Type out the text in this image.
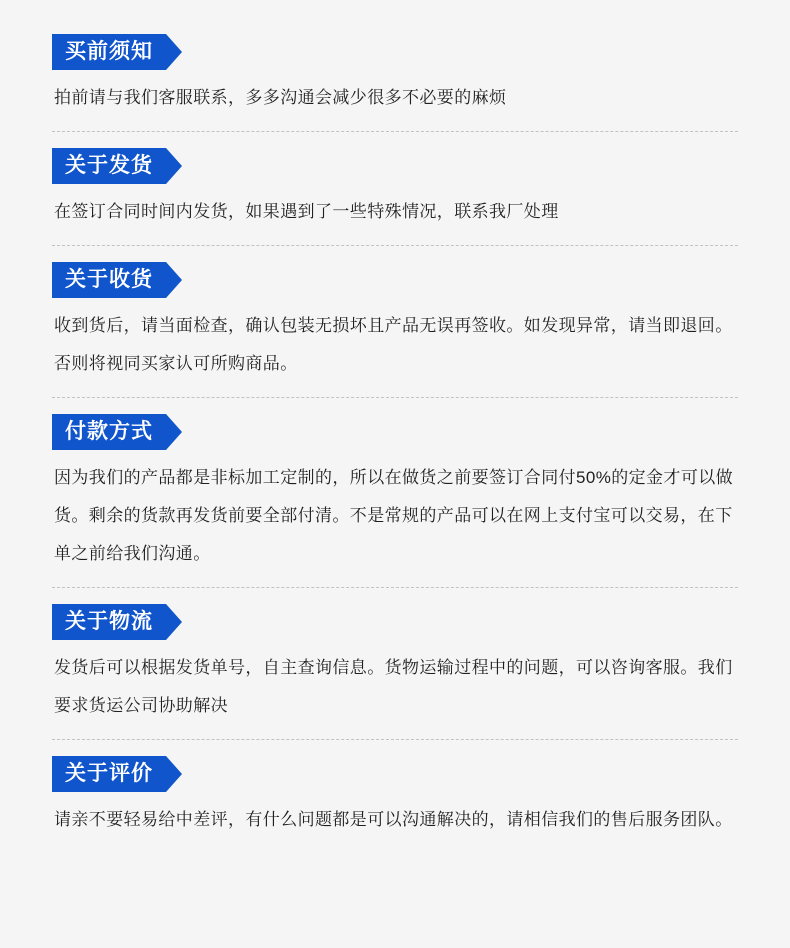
买前须知
拍前请与我们客服联系，多多沟通会减少很多不必要的麻烦
关于发货
在签订合同时间内发货，如果遇到了一些特殊情况，联系我厂处理
关于收货
收到货后，请当面检查，确认包装无损坏且产品无误再签收。如发现异常，请当即退回。否则将视同买家认可所购商品。
付款方式
因为我们的产品都是非标加工定制的，所以在做货之前要签订合同付50%的定金才可以做货。剩余的货款再发货前要全部付清。不是常规的产品可以在网上支付宝可以交易，在下单之前给我们沟通。
关于物流
发货后可以根据发货单号，自主查询信息。货物运输过程中的问题，可以咨询客服。我们要求货运公司协助解决
关于评价
请亲不要轻易给中差评，有什么问题都是可以沟通解决的，请相信我们的售后服务团队。
